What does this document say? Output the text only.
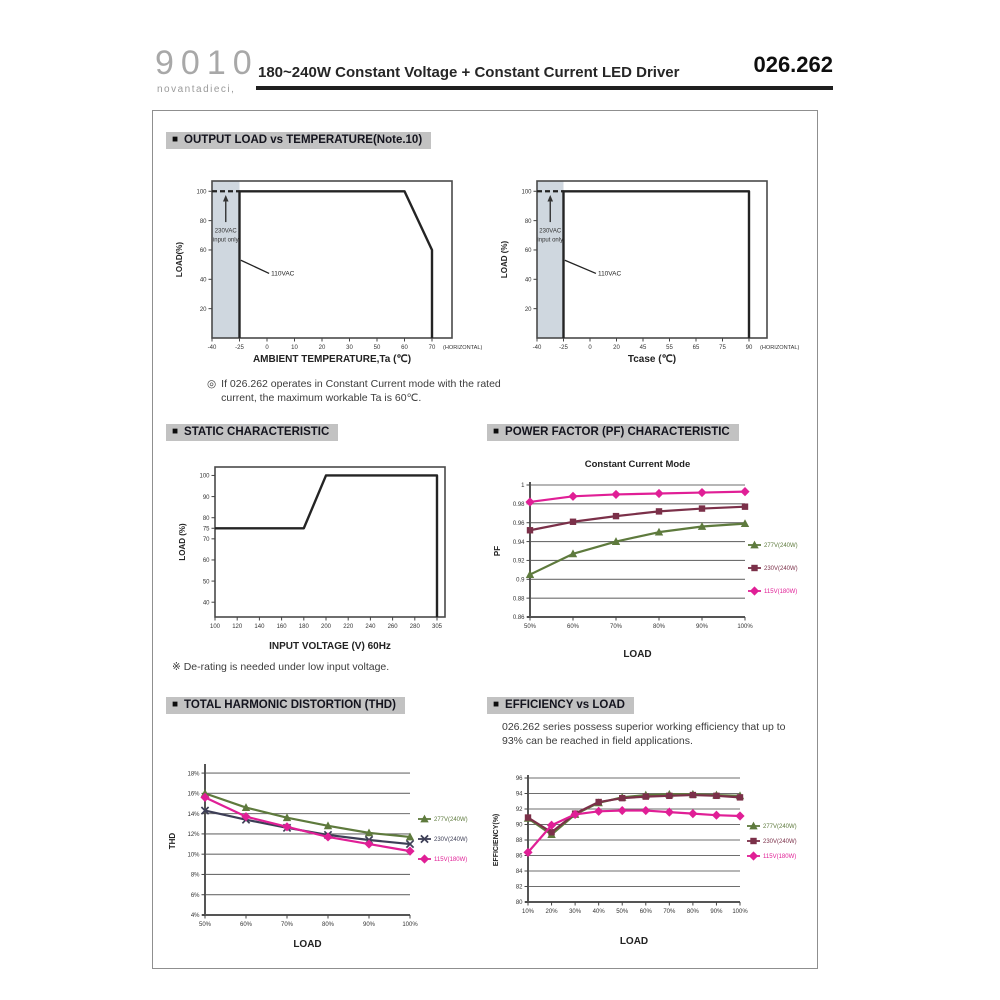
9010
novantadieci,
180~240W Constant Voltage + Constant Current LED Driver	026.262
■ OUTPUT LOAD vs TEMPERATURE(Note.10)
230VAC
input only
-40	-25	0	10	20	30	50	60	70 (HORIZONTAL)
20
40
60
80
100
110VAC
AMBIENT TEMPERATURE,Ta (℃)
LOAD(%)
230VAC
input only
-40	-25	0	20	45	55	65	75	90 (HORIZONTAL)
20
40
60
80
100
110VAC
Tcase (℃)
LOAD (%)
◎ If 026.262 operates in Constant Current mode with the rated current, the maximum workable Ta is 60℃.
■ STATIC CHARACTERISTIC	■ POWER FACTOR (PF) CHARACTERISTIC
100 120 140 160 180 200 220 240 260 280 305
40
50
60
70
75
80
90
100
INPUT VOLTAGE (V) 60Hz
LOAD (%)
50%	60%	70%	80%	90%	100%
0.86
0.88
0.9
0.92
0.94
0.96
0.98
1
Constant Current Mode
LOAD
PF	277V(240W)
230V(240W)
115V(180W)
※ De-rating is needed under low input voltage.
■ TOTAL HARMONIC DISTORTION (THD)	■ EFFICIENCY vs LOAD
026.262 series possess superior working efficiency that up to 93% can be reached in field applications.
50%	60%	70%	80%	90%	100%
4%
6%
8%
10%
12%
14%
16%
18%
LOAD
THD
277V(240W)
230V(240W)
115V(180W)
10% 20% 30% 40% 50% 60% 70% 80% 90% 100%
80
82
84
86
88
90
92
94
96
LOAD
EFFICIENCY(%)	277V(240W)
230V(240W)
115V(180W)
